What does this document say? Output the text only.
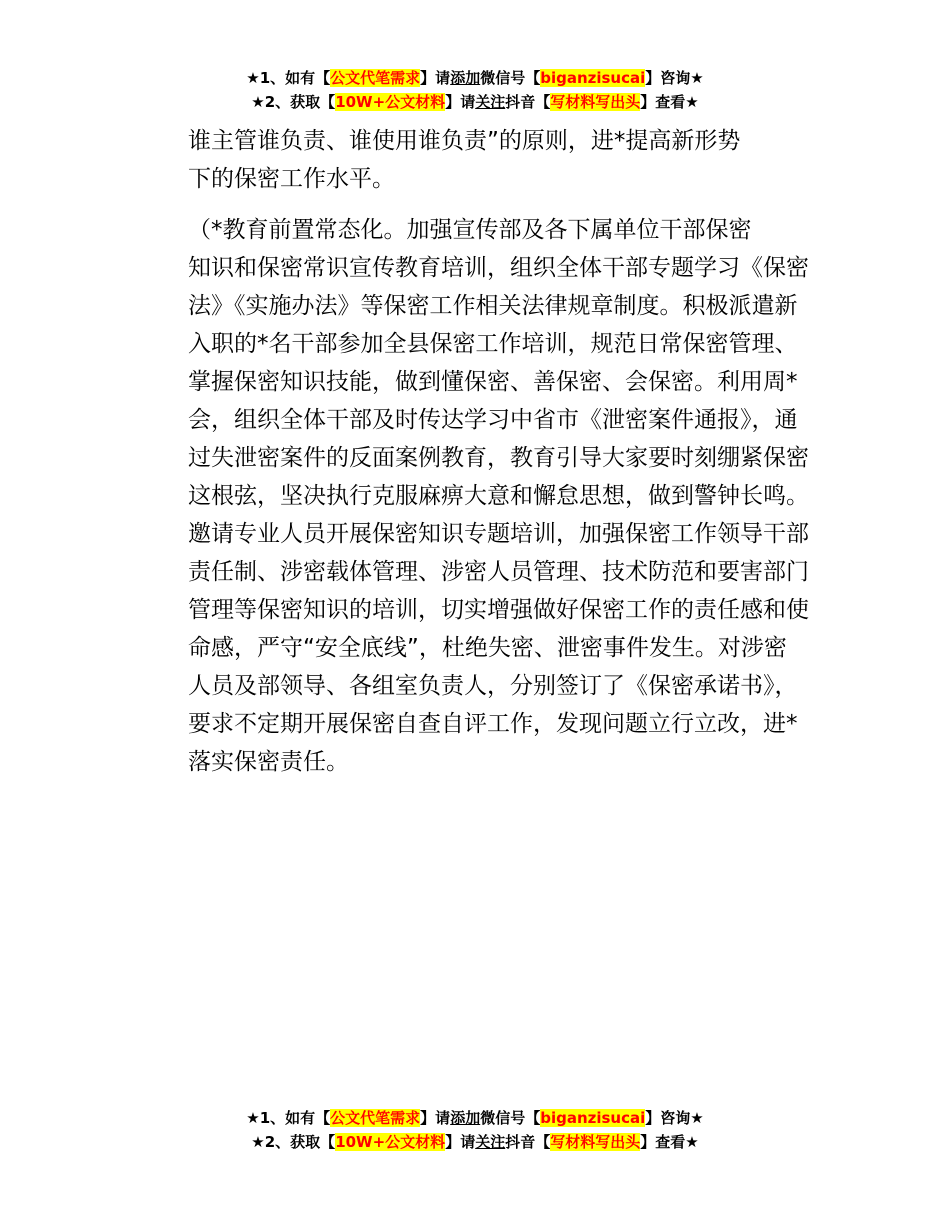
★1、如有【公文代笔需求】请添加微信号【biganzisucai】咨询★
★2、获取【10W+公文材料】请关注抖音【写材料写出头】查看★

谁主管谁负责、谁使用谁负责”的原则，进*提高新形势
下的保密工作水平。

（*教育前置常态化。加强宣传部及各下属单位干部保密
知识和保密常识宣传教育培训，组织全体干部专题学习《保密
法》《实施办法》等保密工作相关法律规章制度。积极派遣新
入职的*名干部参加全县保密工作培训，规范日常保密管理、
掌握保密知识技能，做到懂保密、善保密、会保密。利用周*
会，组织全体干部及时传达学习中省市《泄密案件通报》，通
过失泄密案件的反面案例教育，教育引导大家要时刻绷紧保密
这根弦，坚决执行克服麻痹大意和懈怠思想，做到警钟长鸣。
邀请专业人员开展保密知识专题培训，加强保密工作领导干部
责任制、涉密载体管理、涉密人员管理、技术防范和要害部门
管理等保密知识的培训，切实增强做好保密工作的责任感和使
命感，严守“安全底线”，杜绝失密、泄密事件发生。对涉密
人员及部领导、各组室负责人，分别签订了《保密承诺书》，
要求不定期开展保密自查自评工作，发现问题立行立改，进*
落实保密责任。

★1、如有【公文代笔需求】请添加微信号【biganzisucai】咨询★
★2、获取【10W+公文材料】请关注抖音【写材料写出头】查看★
